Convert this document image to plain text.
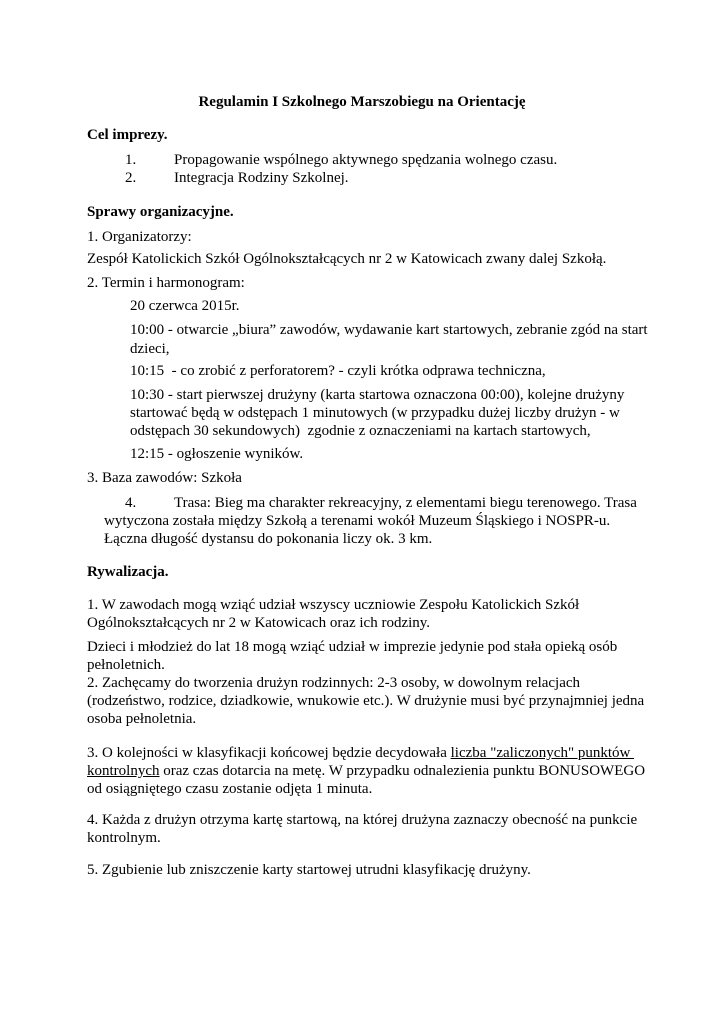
Regulamin I Szkolnego Marszobiegu na Orientację
Cel imprezy.
1.	Propagowanie wspólnego aktywnego spędzania wolnego czasu.
2.	Integracja Rodziny Szkolnej.
Sprawy organizacyjne.
1. Organizatorzy:
Zespół Katolickich Szkół Ogólnokształcących nr 2 w Katowicach zwany dalej Szkołą.
2. Termin i harmonogram:
20 czerwca 2015r.
10:00 - otwarcie „biura” zawodów, wydawanie kart startowych, zebranie zgód na start
dzieci,
10:15  - co zrobić z perforatorem? - czyli krótka odprawa techniczna,
10:30 - start pierwszej drużyny (karta startowa oznaczona 00:00), kolejne drużyny
startować będą w odstępach 1 minutowych (w przypadku dużej liczby drużyn - w
odstępach 30 sekundowych)  zgodnie z oznaczeniami na kartach startowych,
12:15 - ogłoszenie wyników.
3. Baza zawodów: Szkoła
4.	Trasa: Bieg ma charakter rekreacyjny, z elementami biegu terenowego. Trasa
wytyczona została między Szkołą a terenami wokół Muzeum Śląskiego i NOSPR-u.
Łączna długość dystansu do pokonania liczy ok. 3 km.
Rywalizacja.
1. W zawodach mogą wziąć udział wszyscy uczniowie Zespołu Katolickich Szkół
Ogólnokształcących nr 2 w Katowicach oraz ich rodziny.
Dzieci i młodzież do lat 18 mogą wziąć udział w imprezie jedynie pod stała opieką osób
pełnoletnich.
2. Zachęcamy do tworzenia drużyn rodzinnych: 2-3 osoby, w dowolnym relacjach
(rodzeństwo, rodzice, dziadkowie, wnukowie etc.). W drużynie musi być przynajmniej jedna
osoba pełnoletnia.
3. O kolejności w klasyfikacji końcowej będzie decydowała liczba "zaliczonych" punktów
kontrolnych oraz czas dotarcia na metę. W przypadku odnalezienia punktu BONUSOWEGO
od osiągniętego czasu zostanie odjęta 1 minuta.
4. Każda z drużyn otrzyma kartę startową, na której drużyna zaznaczy obecność na punkcie
kontrolnym.
5. Zgubienie lub zniszczenie karty startowej utrudni klasyfikację drużyny.
